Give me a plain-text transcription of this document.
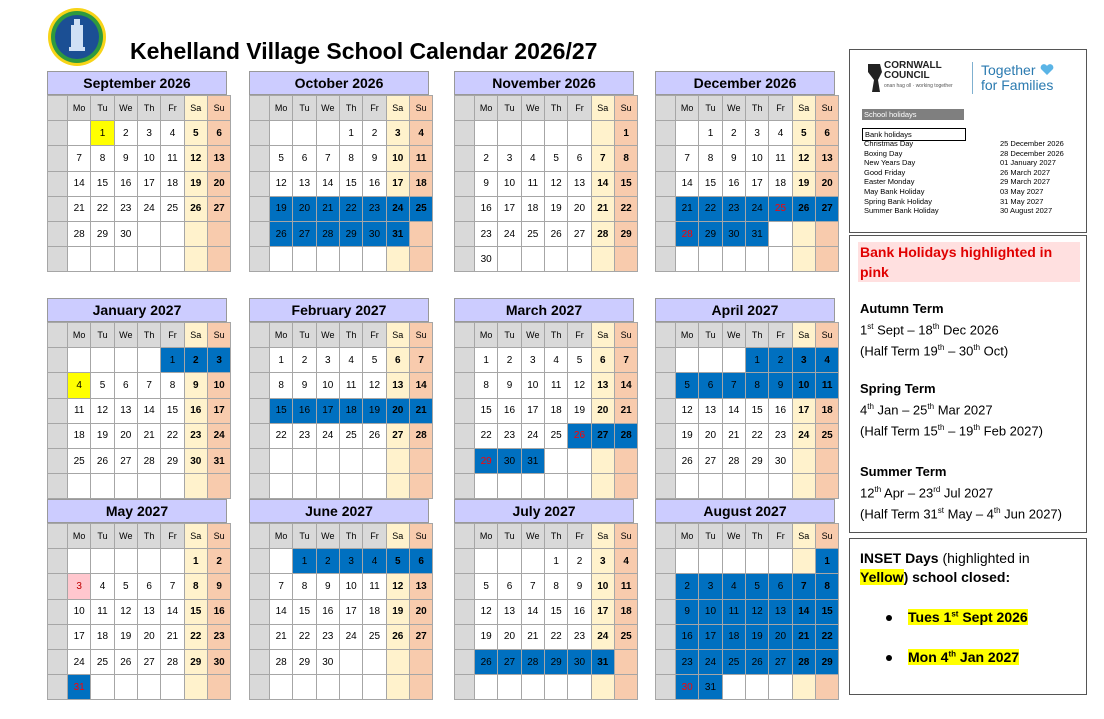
Kehelland Village School Calendar 2026/27
September 2026
	Mo	Tu	We	Th	Fr	Sa	Su
		1	2	3	4	5	6
	7	8	9	10	11	12	13
	14	15	16	17	18	19	20
	21	22	23	24	25	26	27
	28	29	30				

October 2026
	Mo	Tu	We	Th	Fr	Sa	Su
				1	2	3	4
	5	6	7	8	9	10	11
	12	13	14	15	16	17	18
	19	20	21	22	23	24	25
	26	27	28	29	30	31	

November 2026
	Mo	Tu	We	Th	Fr	Sa	Su
							1
	2	3	4	5	6	7	8
	9	10	11	12	13	14	15
	16	17	18	19	20	21	22
	23	24	25	26	27	28	29
	30						
December 2026
	Mo	Tu	We	Th	Fr	Sa	Su
		1	2	3	4	5	6
	7	8	9	10	11	12	13
	14	15	16	17	18	19	20
	21	22	23	24	25	26	27
	28	29	30	31			

January 2027
	Mo	Tu	We	Th	Fr	Sa	Su
					1	2	3
	4	5	6	7	8	9	10
	11	12	13	14	15	16	17
	18	19	20	21	22	23	24
	25	26	27	28	29	30	31

February 2027
	Mo	Tu	We	Th	Fr	Sa	Su
	1	2	3	4	5	6	7
	8	9	10	11	12	13	14
	15	16	17	18	19	20	21
	22	23	24	25	26	27	28

March 2027
	Mo	Tu	We	Th	Fr	Sa	Su
	1	2	3	4	5	6	7
	8	9	10	11	12	13	14
	15	16	17	18	19	20	21
	22	23	24	25	26	27	28
	29	30	31				

April 2027
	Mo	Tu	We	Th	Fr	Sa	Su
				1	2	3	4
	5	6	7	8	9	10	11
	12	13	14	15	16	17	18
	19	20	21	22	23	24	25
	26	27	28	29	30		

May 2027
	Mo	Tu	We	Th	Fr	Sa	Su
						1	2
	3	4	5	6	7	8	9
	10	11	12	13	14	15	16
	17	18	19	20	21	22	23
	24	25	26	27	28	29	30
	31						
June 2027
	Mo	Tu	We	Th	Fr	Sa	Su
		1	2	3	4	5	6
	7	8	9	10	11	12	13
	14	15	16	17	18	19	20
	21	22	23	24	25	26	27
	28	29	30				

July 2027
	Mo	Tu	We	Th	Fr	Sa	Su
				1	2	3	4
	5	6	7	8	9	10	11
	12	13	14	15	16	17	18
	19	20	21	22	23	24	25
	26	27	28	29	30	31	

August 2027
	Mo	Tu	We	Th	Fr	Sa	Su
							1
	2	3	4	5	6	7	8
	9	10	11	12	13	14	15
	16	17	18	19	20	21	22
	23	24	25	26	27	28	29
	30	31					
CORNWALL
COUNCIL
onan hag oll · working together
Together
for Families
School holidays
Bank holidays
Christmas Day	25 December 2026
Boxing Day	28 December 2026
New Years Day	01 January 2027
Good Friday	26 March 2027
Easter Monday	29 March 2027
May Bank Holiday	03 May 2027
Spring Bank Holiday	31 May 2027
Summer Bank Holiday	30 August 2027
Bank Holidays highlighted in pink
Autumn Term
1st Sept – 18th Dec 2026
(Half Term 19th – 30th Oct)
Spring Term
4th Jan – 25th Mar 2027
(Half Term 15th – 19th Feb 2027)
Summer Term
12th Apr – 23rd Jul 2027
(Half Term 31st May – 4th Jun 2027)
INSET Days (highlighted in Yellow) school closed:
Tues 1st Sept 2026
Mon 4th Jan 2027
